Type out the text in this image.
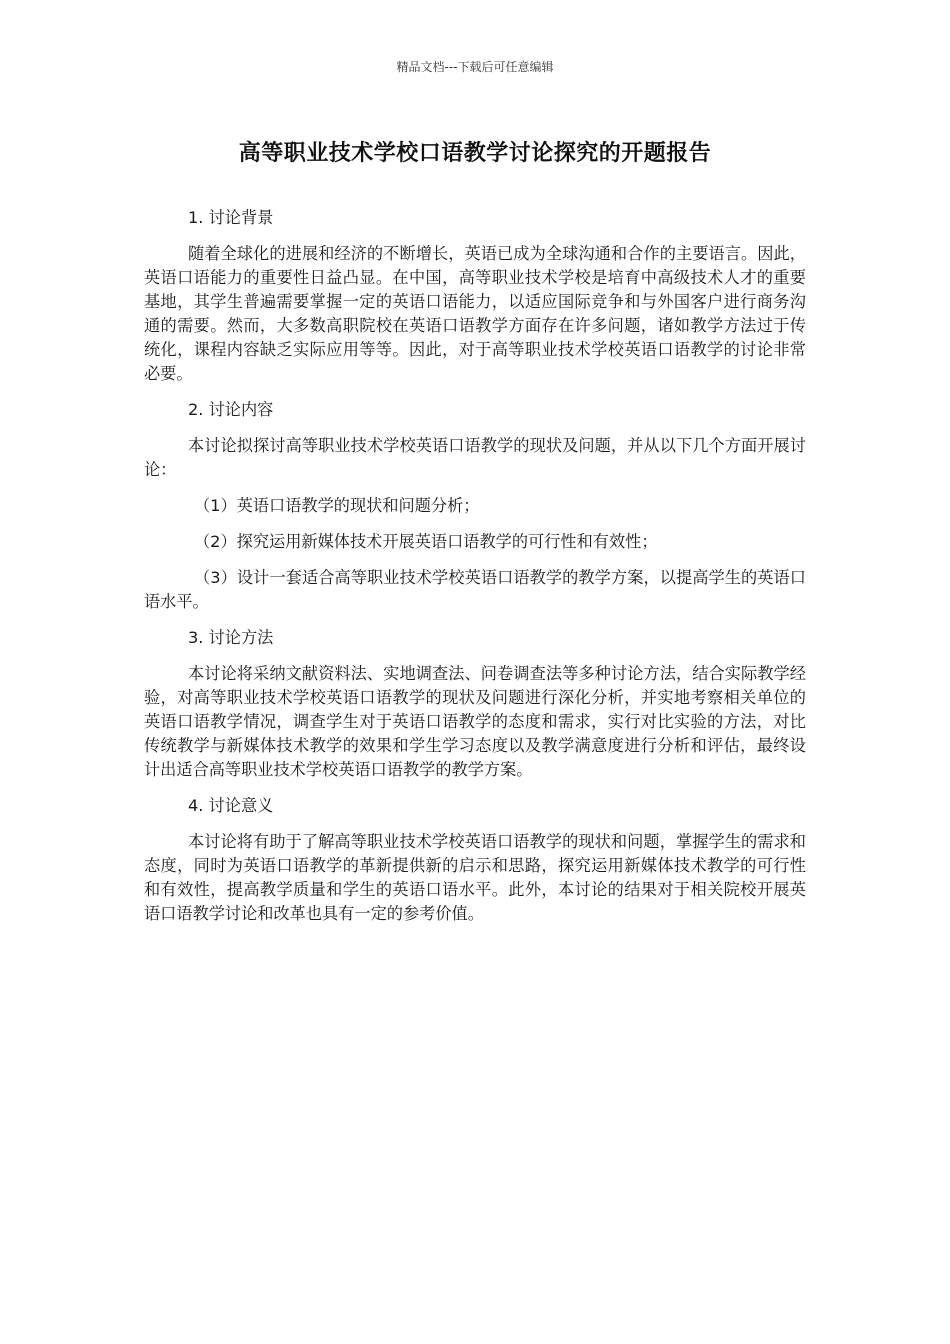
精品文档---下载后可任意编辑
高等职业技术学校口语教学讨论探究的开题报告

1. 讨论背景

随着全球化的进展和经济的不断增长，英语已成为全球沟通和合作的主要语言。因此，英语口语能力的重要性日益凸显。在中国，高等职业技术学校是培育中高级技术人才的重要基地，其学生普遍需要掌握一定的英语口语能力，以适应国际竞争和与外国客户进行商务沟通的需要。然而，大多数高职院校在英语口语教学方面存在许多问题，诸如教学方法过于传统化，课程内容缺乏实际应用等等。因此，对于高等职业技术学校英语口语教学的讨论非常必要。

2. 讨论内容

本讨论拟探讨高等职业技术学校英语口语教学的现状及问题，并从以下几个方面开展讨论：

（1）英语口语教学的现状和问题分析；

（2）探究运用新媒体技术开展英语口语教学的可行性和有效性；

（3）设计一套适合高等职业技术学校英语口语教学的教学方案，以提高学生的英语口语水平。

3. 讨论方法

本讨论将采纳文献资料法、实地调查法、问卷调查法等多种讨论方法，结合实际教学经验，对高等职业技术学校英语口语教学的现状及问题进行深化分析，并实地考察相关单位的英语口语教学情况，调查学生对于英语口语教学的态度和需求，实行对比实验的方法，对比传统教学与新媒体技术教学的效果和学生学习态度以及教学满意度进行分析和评估，最终设计出适合高等职业技术学校英语口语教学的教学方案。

4. 讨论意义

本讨论将有助于了解高等职业技术学校英语口语教学的现状和问题，掌握学生的需求和态度，同时为英语口语教学的革新提供新的启示和思路，探究运用新媒体技术教学的可行性和有效性，提高教学质量和学生的英语口语水平。此外，本讨论的结果对于相关院校开展英语口语教学讨论和改革也具有一定的参考价值。
